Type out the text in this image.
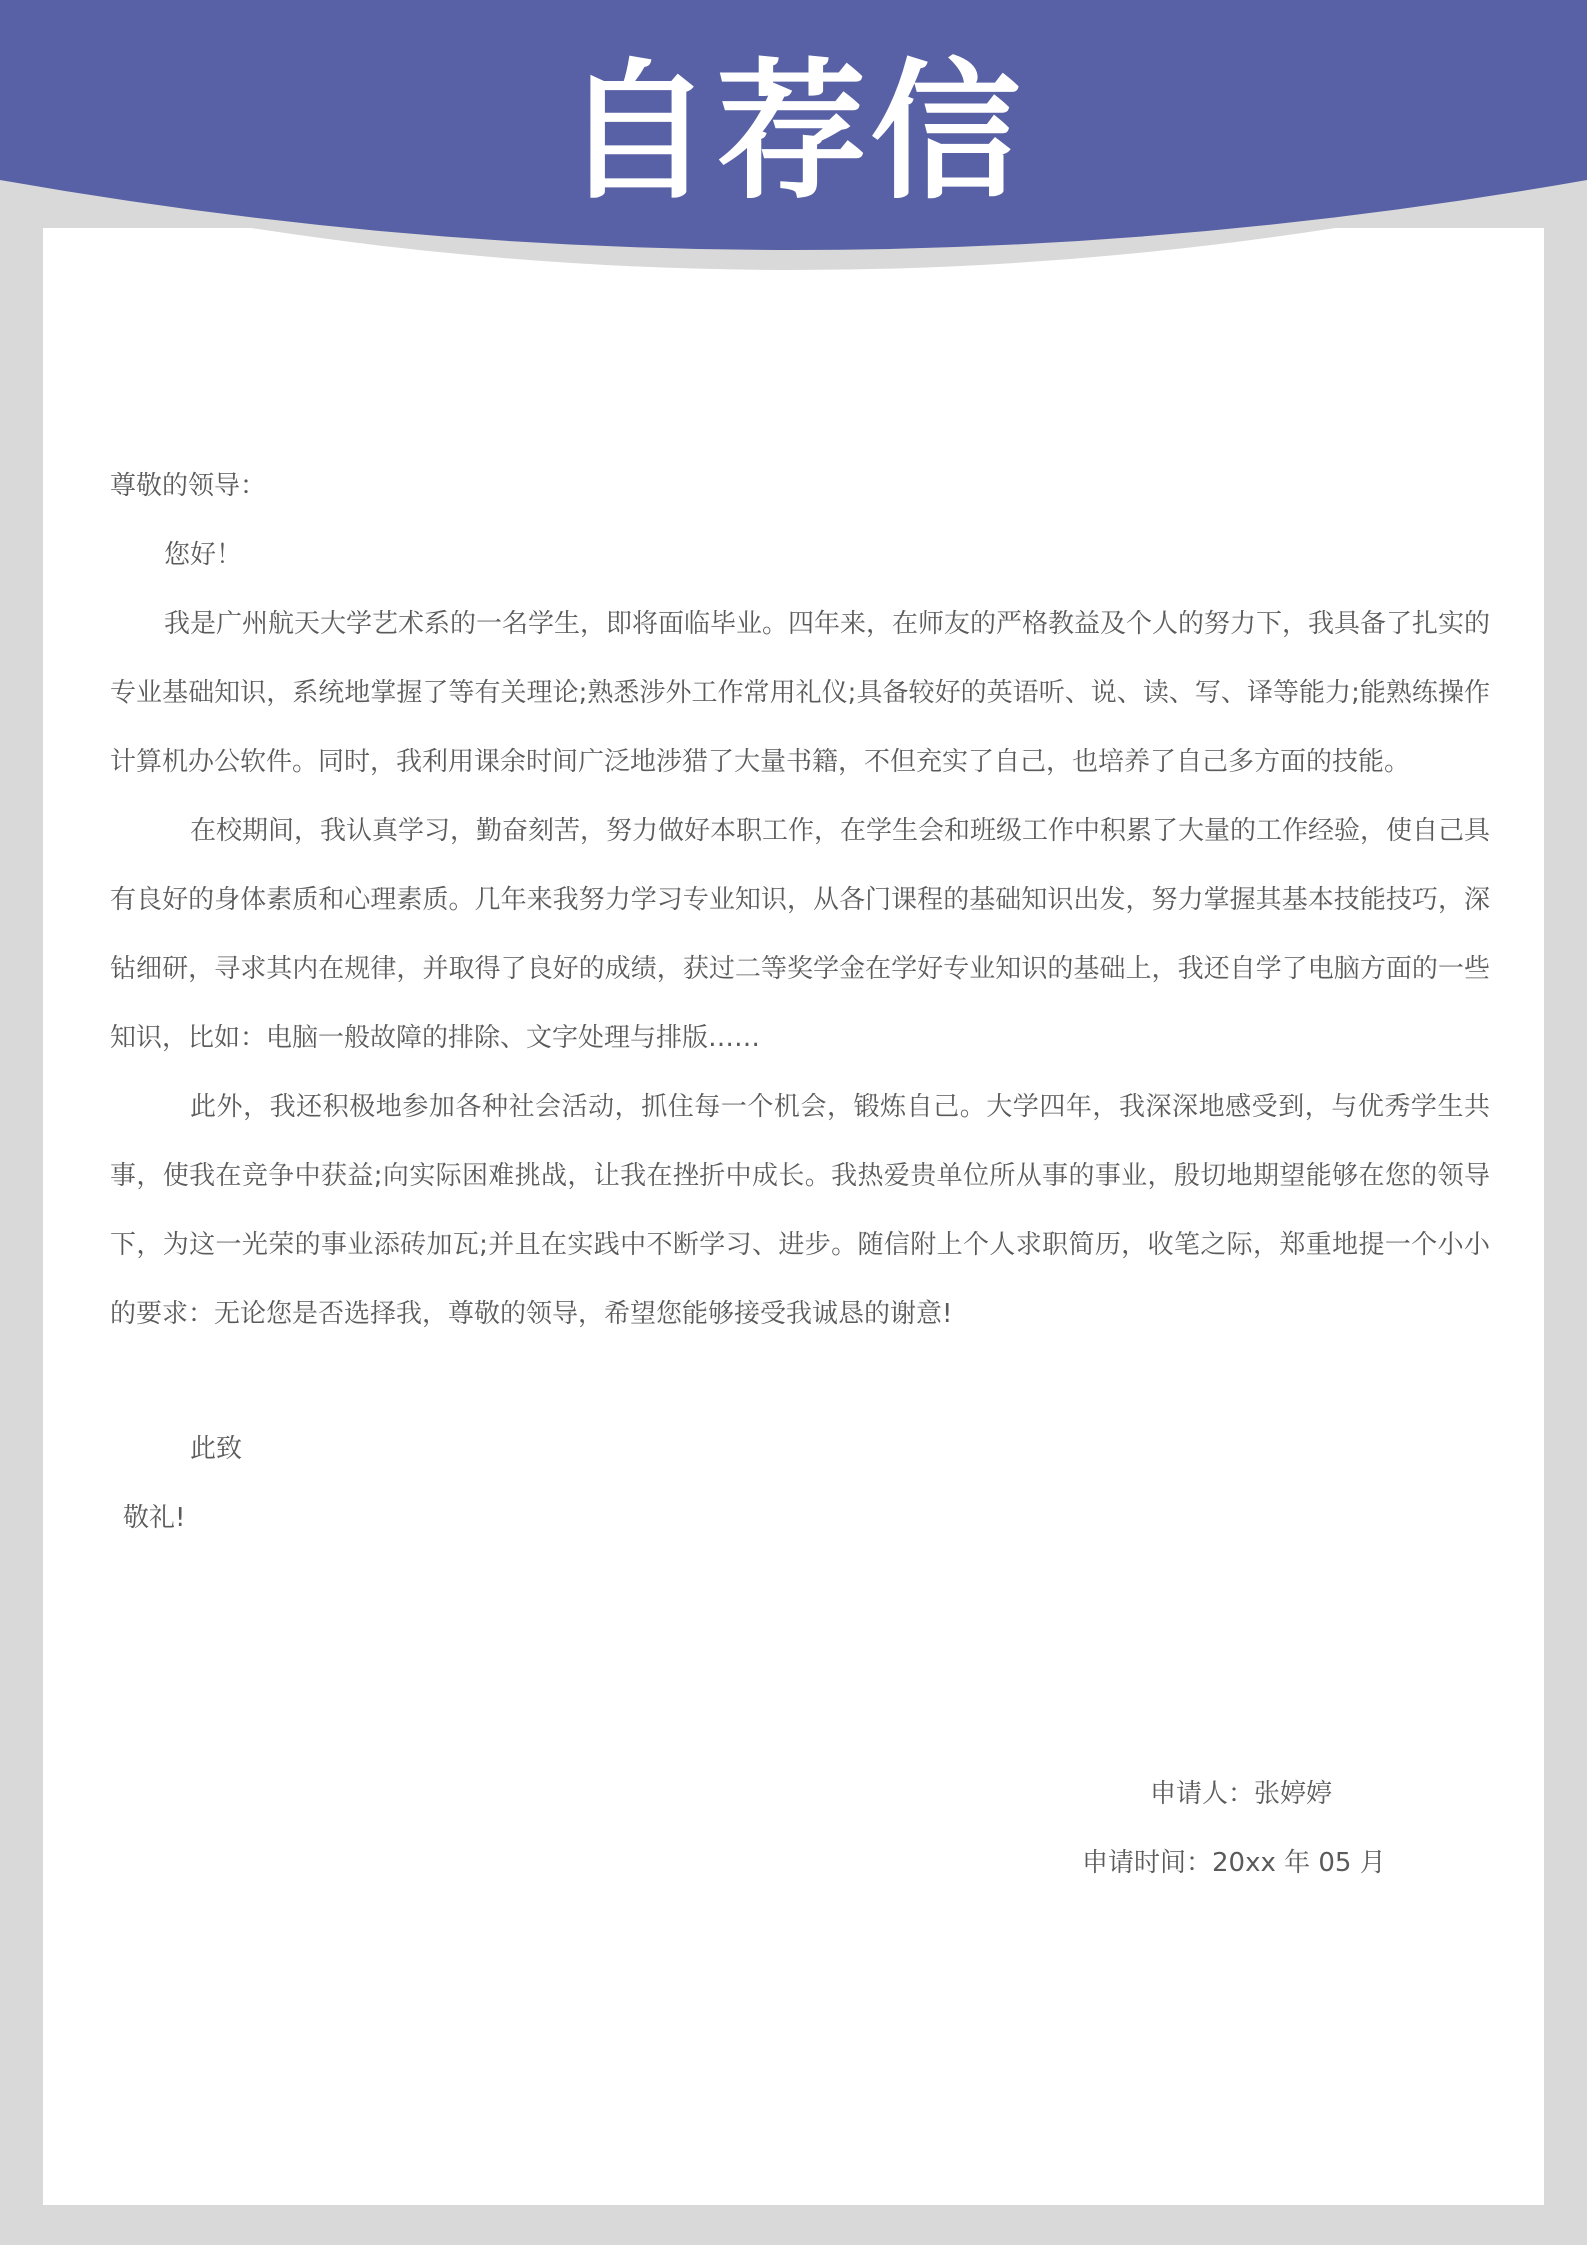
自荐信

尊敬的领导：

您好！

我是广州航天大学艺术系的一名学生，即将面临毕业。四年来，在师友的严格教益及个人的努力下，我具备了扎实的专业基础知识，系统地掌握了等有关理论;熟悉涉外工作常用礼仪;具备较好的英语听、说、读、写、译等能力;能熟练操作计算机办公软件。同时，我利用课余时间广泛地涉猎了大量书籍，不但充实了自己，也培养了自己多方面的技能。

在校期间，我认真学习，勤奋刻苦，努力做好本职工作，在学生会和班级工作中积累了大量的工作经验，使自己具有良好的身体素质和心理素质。几年来我努力学习专业知识，从各门课程的基础知识出发，努力掌握其基本技能技巧，深钻细研，寻求其内在规律，并取得了良好的成绩，获过二等奖学金在学好专业知识的基础上，我还自学了电脑方面的一些知识，比如：电脑一般故障的排除、文字处理与排版……

此外，我还积极地参加各种社会活动，抓住每一个机会，锻炼自己。大学四年，我深深地感受到，与优秀学生共事，使我在竞争中获益;向实际困难挑战，让我在挫折中成长。我热爱贵单位所从事的事业，殷切地期望能够在您的领导下，为这一光荣的事业添砖加瓦;并且在实践中不断学习、进步。随信附上个人求职简历，收笔之际，郑重地提一个小小的要求：无论您是否选择我，尊敬的领导，希望您能够接受我诚恳的谢意!

此致
敬礼!
申请人：张婷婷
申请时间：20xx 年 05 月
